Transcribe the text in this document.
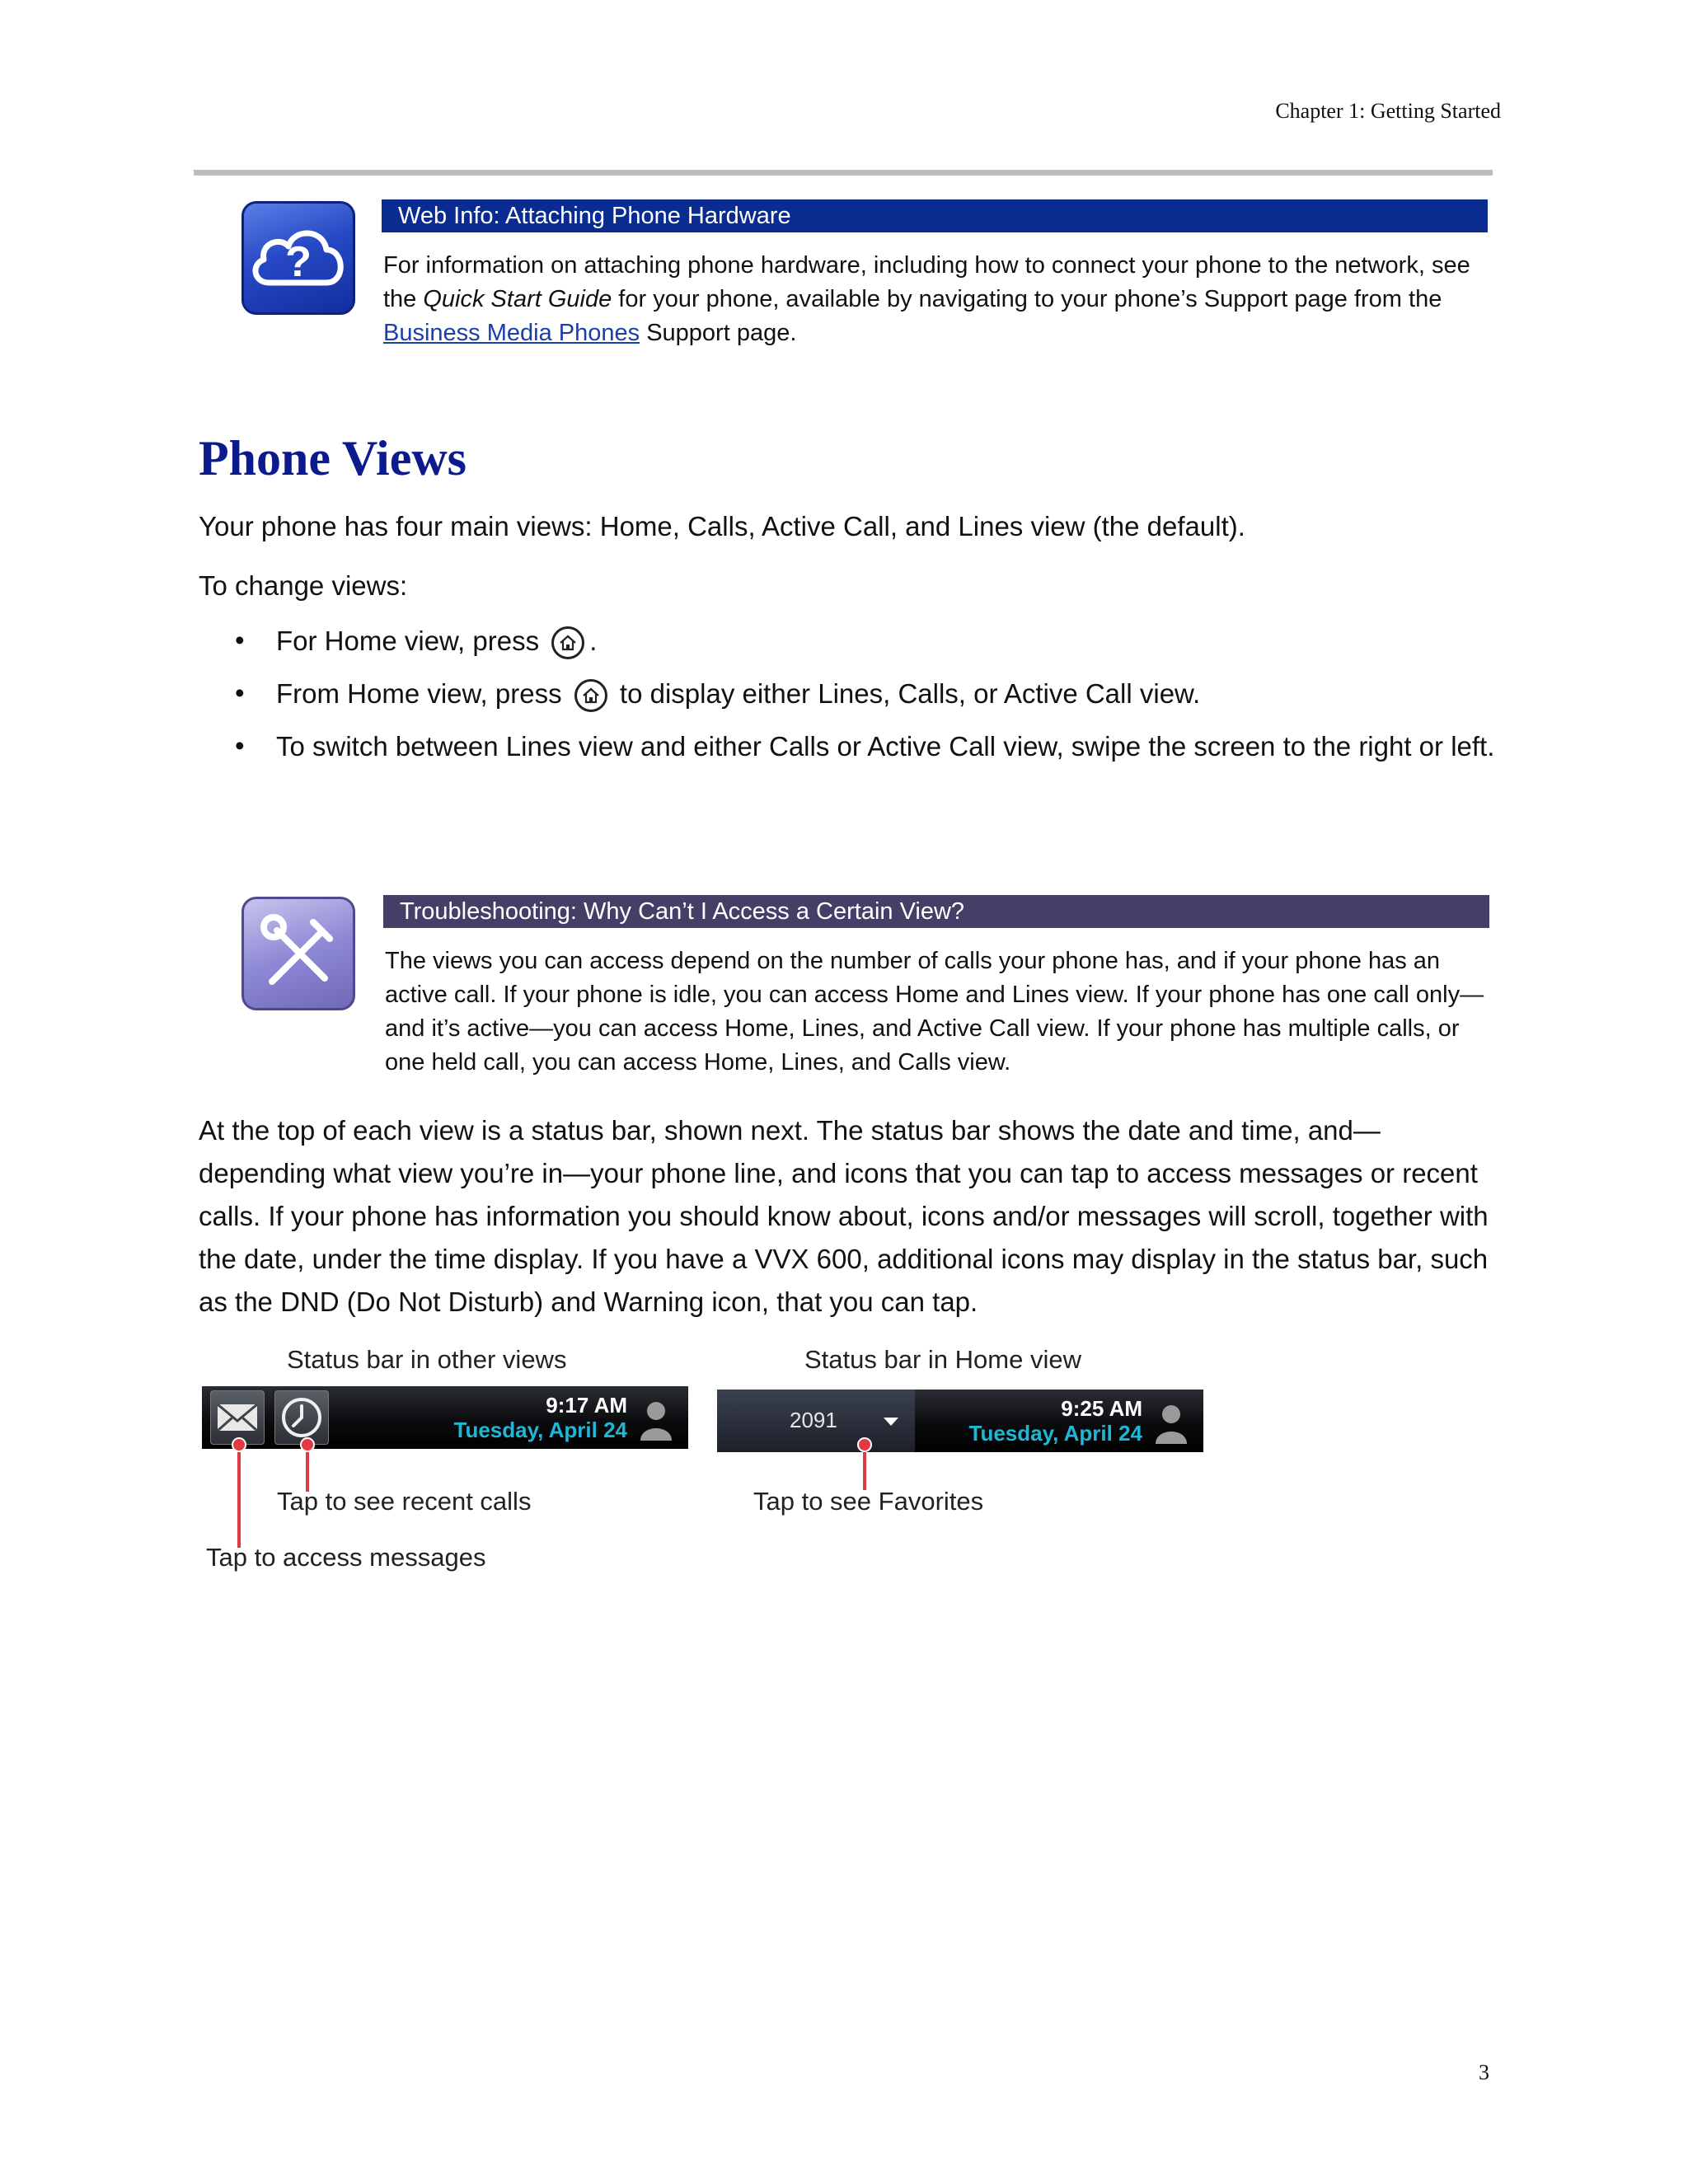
Chapter 1: Getting Started
?
Web Info: Attaching Phone Hardware
For information on attaching phone hardware, including how to connect your phone to the network, see the Quick Start Guide for your phone, available by navigating to your phone’s Support page from the Business Media Phones Support page.
Phone Views
Your phone has four main views: Home, Calls, Active Call, and Lines view (the default).
To change views:
• For Home view, press
.
• From Home view, press
to display either Lines, Calls, or Active Call view.
• To switch between Lines view and either Calls or Active Call view, swipe the screen to the right or left.
Troubleshooting: Why Can’t I Access a Certain View?
The views you can access depend on the number of calls your phone has, and if your phone has an active call. If your phone is idle, you can access Home and Lines view. If your phone has one call only—and it’s active—you can access Home, Lines, and Active Call view. If your phone has multiple calls, or one held call, you can access Home, Lines, and Calls view.
At the top of each view is a status bar, shown next. The status bar shows the date and time, and—depending what view you’re in—your phone line, and icons that you can tap to access messages or recent calls. If your phone has information you should know about, icons and/or messages will scroll, together with the date, under the time display. If you have a VVX 600, additional icons may display in the status bar, such as the DND (Do Not Disturb) and Warning icon, that you can tap.
Status bar in other views
9:17 AM
Tuesday, April 24
Tap to see recent calls
Tap to access messages
Status bar in Home view
2091	9:25 AM
Tuesday, April 24
Tap to see Favorites
3
